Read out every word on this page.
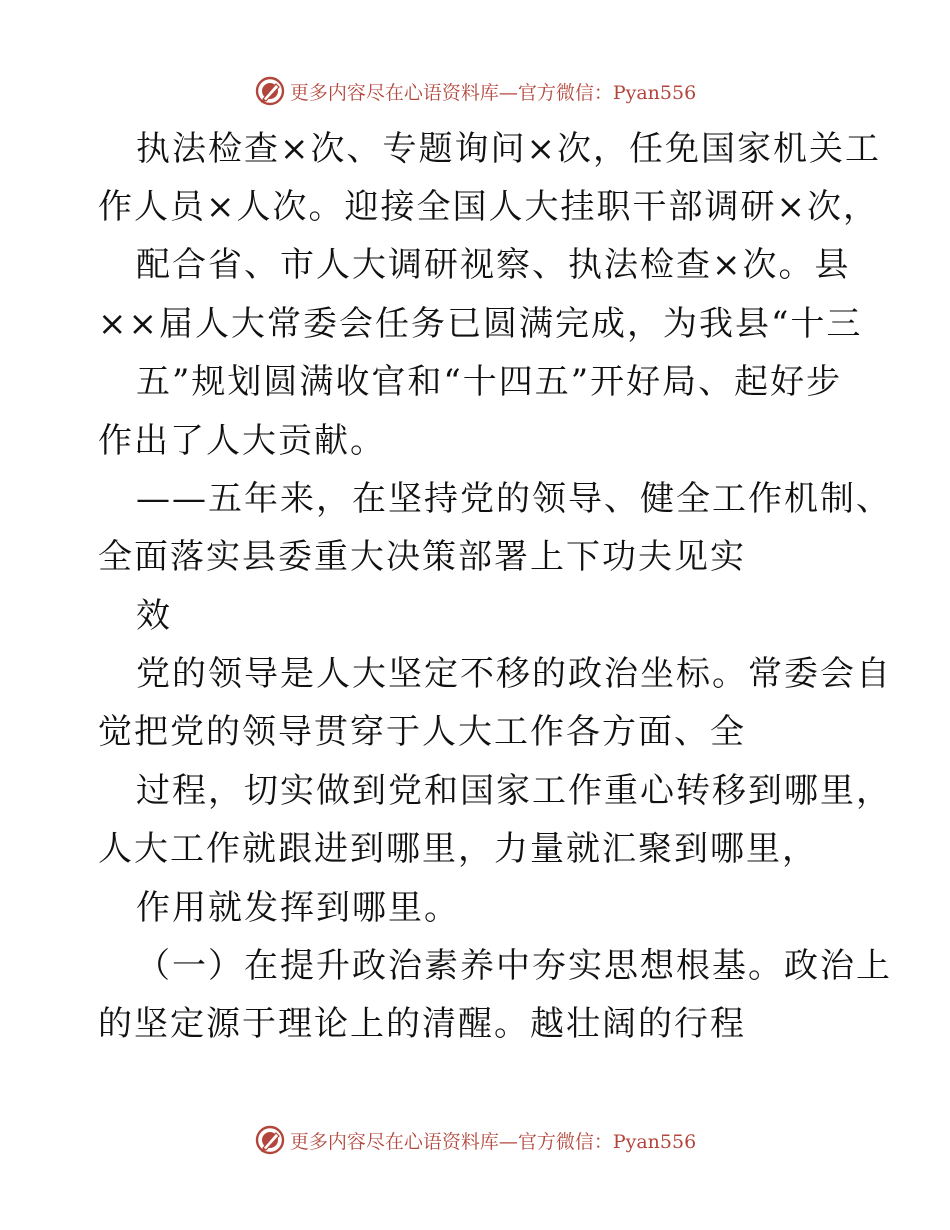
更多内容尽在心语资料库—官方微信：Pyan556
执法检查×次、专题询问×次，任免国家机关工
作人员×人次。迎接全国人大挂职干部调研×次，
配合省、市人大调研视察、执法检查×次。县
××届人大常委会任务已圆满完成，为我县“十三
五”规划圆满收官和“十四五”开好局、起好步
作出了人大贡献。
——五年来，在坚持党的领导、健全工作机制、
全面落实县委重大决策部署上下功夫见实
效
党的领导是人大坚定不移的政治坐标。常委会自
觉把党的领导贯穿于人大工作各方面、全
过程，切实做到党和国家工作重心转移到哪里，
人大工作就跟进到哪里，力量就汇聚到哪里，
作用就发挥到哪里。
（一）在提升政治素养中夯实思想根基。政治上
的坚定源于理论上的清醒。越壮阔的行程
更多内容尽在心语资料库—官方微信：Pyan556
